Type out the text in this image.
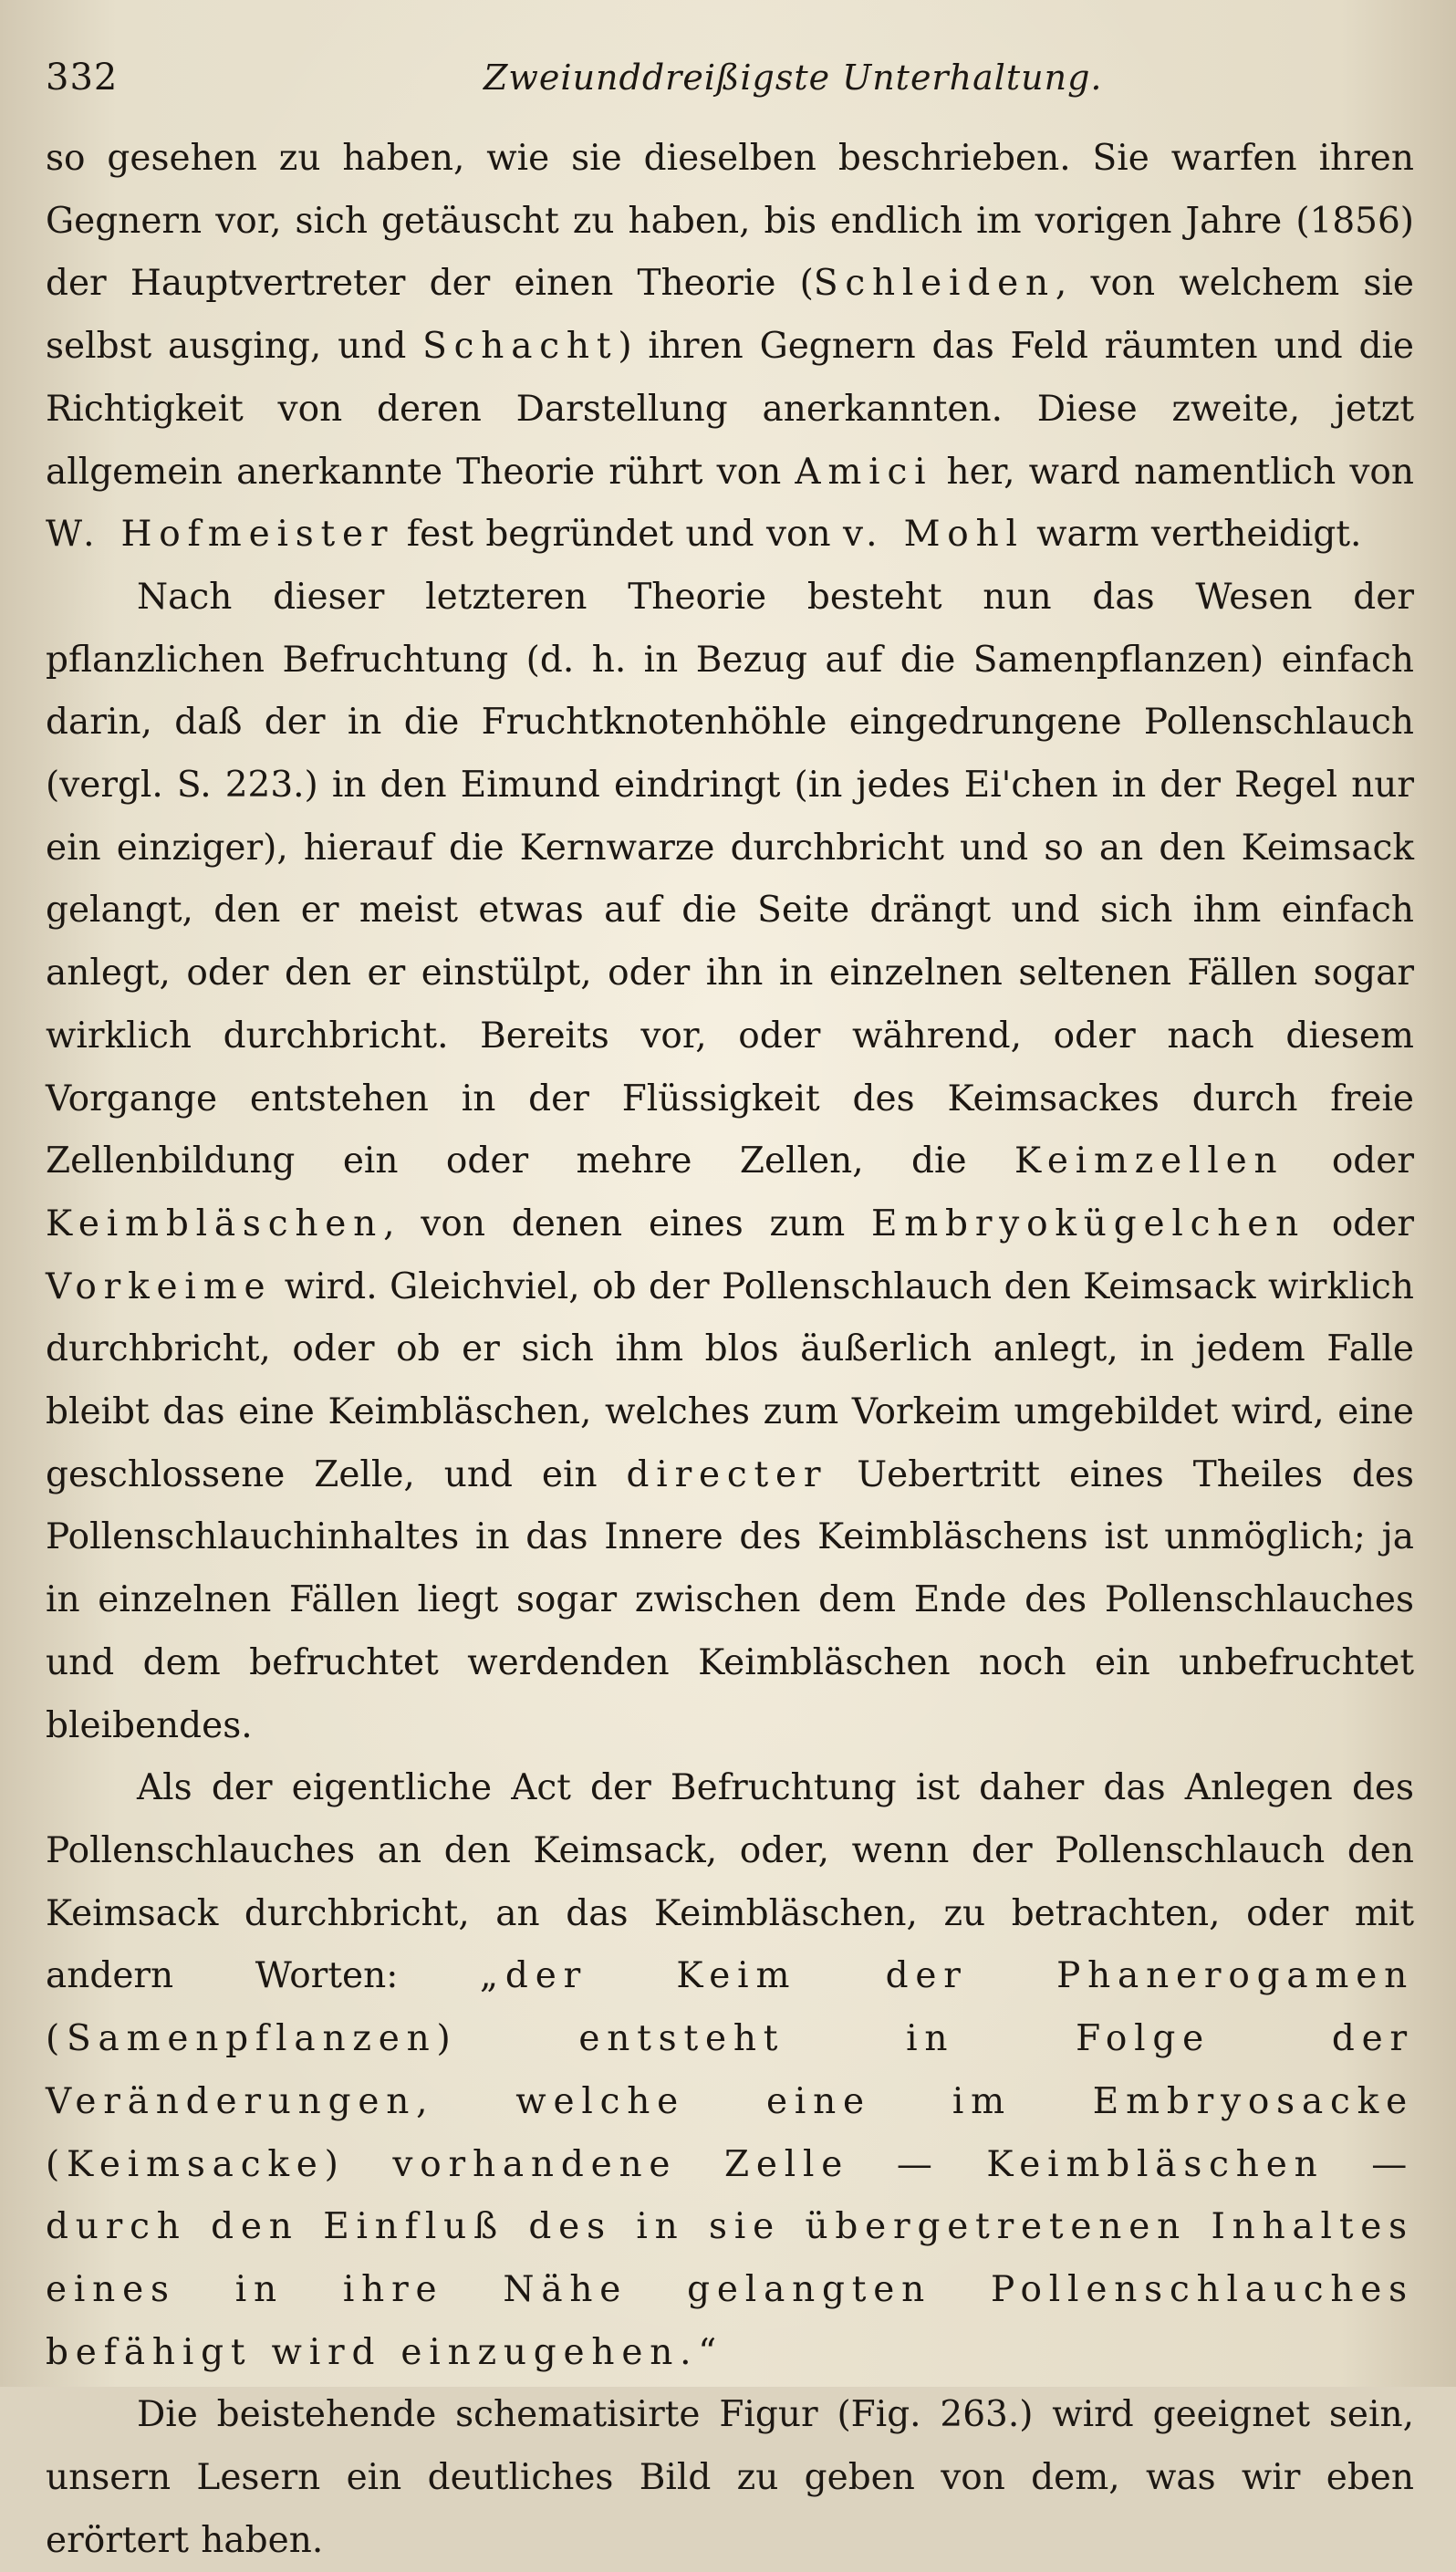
332	Zweiunddreißigste Unterhaltung.

so gesehen zu haben, wie sie dieselben beschrieben. Sie warfen ihren Gegnern vor, sich getäuscht zu haben, bis endlich im vorigen Jahre (1856) der Hauptvertreter der einen Theorie (Schleiden, von welchem sie selbst ausging, und Schacht) ihren Gegnern das Feld räumten und die Richtigkeit von deren Darstellung anerkannten. Diese zweite, jetzt allgemein anerkannte Theorie rührt von Amici her, ward namentlich von W. Hofmeister fest begründet und von v. Mohl warm vertheidigt.

Nach dieser letzteren Theorie besteht nun das Wesen der pflanzlichen Befruchtung (d. h. in Bezug auf die Samenpflanzen) einfach darin, daß der in die Fruchtknotenhöhle eingedrungene Pollenschlauch (vergl. S. 223.) in den Eimund eindringt (in jedes Ei'chen in der Regel nur ein einziger), hierauf die Kernwarze durchbricht und so an den Keimsack gelangt, den er meist etwas auf die Seite drängt und sich ihm einfach anlegt, oder den er einstülpt, oder ihn in einzelnen seltenen Fällen sogar wirklich durchbricht. Bereits vor, oder während, oder nach diesem Vorgange entstehen in der Flüssigkeit des Keimsackes durch freie Zellenbildung ein oder mehre Zellen, die Keimzellen oder Keimbläschen, von denen eines zum Embryokügelchen oder Vorkeime wird. Gleichviel, ob der Pollenschlauch den Keimsack wirklich durchbricht, oder ob er sich ihm blos äußerlich anlegt, in jedem Falle bleibt das eine Keimbläschen, welches zum Vorkeim umgebildet wird, eine geschlossene Zelle, und ein directer Uebertritt eines Theiles des Pollenschlauchinhaltes in das Innere des Keimbläschens ist unmöglich; ja in einzelnen Fällen liegt sogar zwischen dem Ende des Pollenschlauches und dem befruchtet werdenden Keimbläschen noch ein unbefruchtet bleibendes.

Als der eigentliche Act der Befruchtung ist daher das Anlegen des Pollenschlauches an den Keimsack, oder, wenn der Pollenschlauch den Keimsack durchbricht, an das Keimbläschen, zu betrachten, oder mit andern Worten: „der Keim der Phanerogamen (Samenpflanzen) entsteht in Folge der Veränderungen, welche eine im Embryosacke (Keimsacke) vorhandene Zelle — Keimbläschen — durch den Einfluß des in sie übergetretenen Inhaltes eines in ihre Nähe gelangten Pollenschlauches befähigt wird einzugehen.“

Die beistehende schematisirte Figur (Fig. 263.) wird geeignet sein, unsern Lesern ein deutliches Bild zu geben von dem, was wir eben erörtert haben.
